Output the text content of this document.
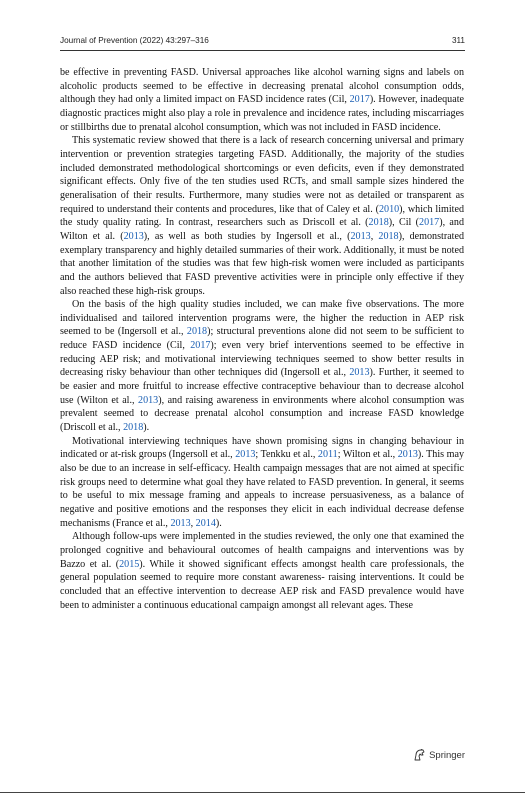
Journal of Prevention (2022) 43:297–316	311

be effective in preventing FASD. Universal approaches like alcohol warning signs and labels on alcoholic products seemed to be effective in decreasing prenatal alcohol consumption odds, although they had only a limited impact on FASD incidence rates (Cil, 2017). However, inadequate diagnostic practices might also play a role in prevalence and incidence rates, including miscarriages or stillbirths due to prenatal alcohol consumption, which was not included in FASD incidence.

This systematic review showed that there is a lack of research concerning universal and primary intervention or prevention strategies targeting FASD. Additionally, the majority of the studies included demonstrated methodological shortcomings or even deficits, even if they demonstrated significant effects. Only five of the ten studies used RCTs, and small sample sizes hindered the generalisation of their results. Furthermore, many studies were not as detailed or transparent as required to understand their contents and procedures, like that of Caley et al. (2010), which limited the study quality rating. In contrast, researchers such as Driscoll et al. (2018), Cil (2017), and Wilton et al. (2013), as well as both studies by Ingersoll et al., (2013, 2018), demonstrated exemplary transparency and highly detailed summaries of their work. Additionally, it must be noted that another limitation of the studies was that few high-risk women were included as participants and the authors believed that FASD preventive activities were in principle only effective if they also reached these high-risk groups.

On the basis of the high quality studies included, we can make five observations. The more individualised and tailored intervention programs were, the higher the reduction in AEP risk seemed to be (Ingersoll et al., 2018); structural preventions alone did not seem to be sufficient to reduce FASD incidence (Cil, 2017); even very brief interventions seemed to be effective in reducing AEP risk; and motivational interviewing techniques seemed to show better results in decreasing risky behaviour than other techniques did (Ingersoll et al., 2013). Further, it seemed to be easier and more fruitful to increase effective contraceptive behaviour than to decrease alcohol use (Wilton et al., 2013), and raising awareness in environments where alcohol consumption was prevalent seemed to decrease prenatal alcohol consumption and increase FASD knowledge (Driscoll et al., 2018).

Motivational interviewing techniques have shown promising signs in changing behaviour in indicated or at-risk groups (Ingersoll et al., 2013; Tenkku et al., 2011; Wilton et al., 2013). This may also be due to an increase in self-efficacy. Health campaign messages that are not aimed at specific risk groups need to determine what goal they have related to FASD prevention. In general, it seems to be useful to mix message framing and appeals to increase persuasiveness, as a balance of negative and positive emotions and the responses they elicit in each individual decrease defense mechanisms (France et al., 2013, 2014).

Although follow-ups were implemented in the studies reviewed, the only one that examined the prolonged cognitive and behavioural outcomes of health campaigns and interventions was by Bazzo et al. (2015). While it showed significant effects amongst health care professionals, the general population seemed to require more constant awareness- raising interventions. It could be concluded that an effective intervention to decrease AEP risk and FASD prevalence would have been to administer a continuous educational campaign amongst all relevant ages. These

Springer
